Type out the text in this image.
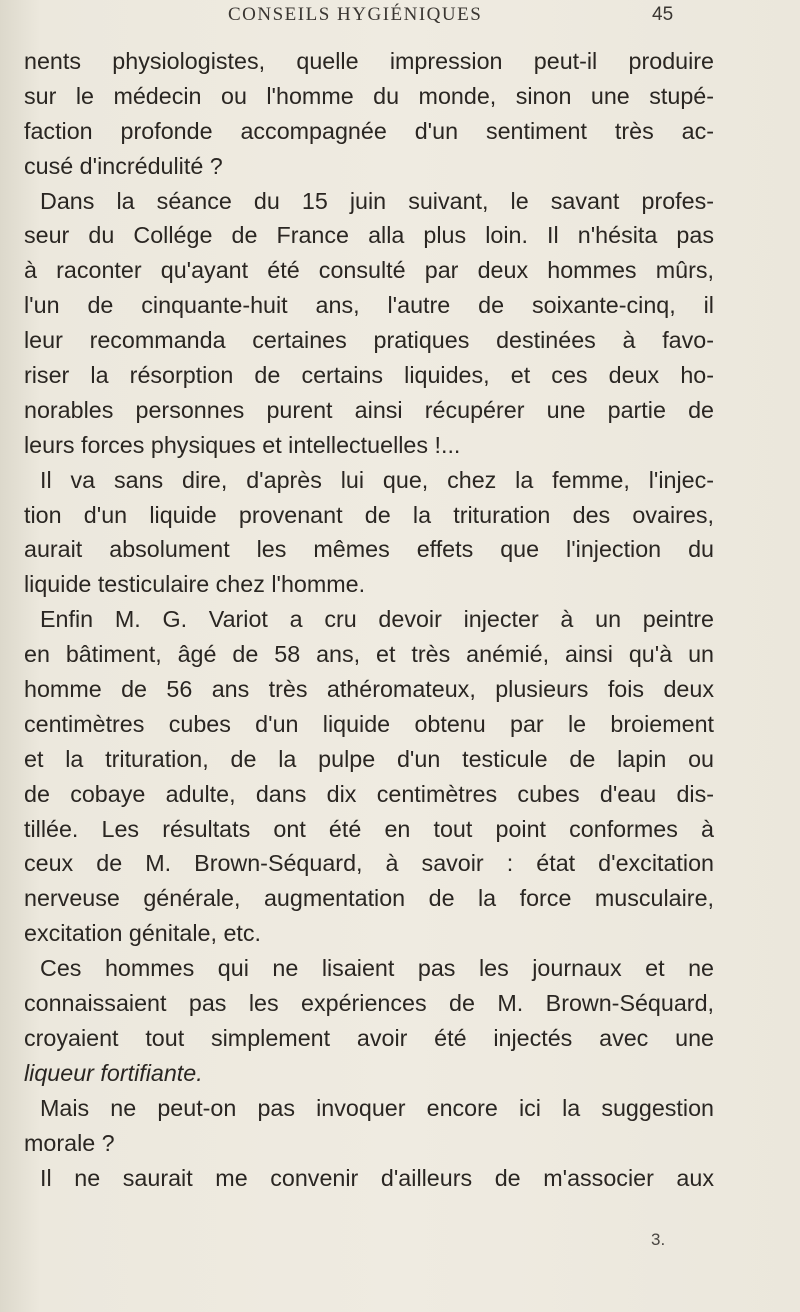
CONSEILS HYGIÉNIQUES	45
nents physiologistes, quelle impression peut-il produire
sur le médecin ou l'homme du monde, sinon une stupé-
faction profonde accompagnée d'un sentiment très ac-
cusé d'incrédulité ?
Dans la séance du 15 juin suivant, le savant profes-
seur du Collége de France alla plus loin. Il n'hésita pas
à raconter qu'ayant été consulté par deux hommes mûrs,
l'un de cinquante-huit ans, l'autre de soixante-cinq, il
leur recommanda certaines pratiques destinées à favo-
riser la résorption de certains liquides, et ces deux ho-
norables personnes purent ainsi récupérer une partie de
leurs forces physiques et intellectuelles !...
Il va sans dire, d'après lui que, chez la femme, l'injec-
tion d'un liquide provenant de la trituration des ovaires,
aurait absolument les mêmes effets que l'injection du
liquide testiculaire chez l'homme.
Enfin M. G. Variot a cru devoir injecter à un peintre
en bâtiment, âgé de 58 ans, et très anémié, ainsi qu'à un
homme de 56 ans très athéromateux, plusieurs fois deux
centimètres cubes d'un liquide obtenu par le broiement
et la trituration, de la pulpe d'un testicule de lapin ou
de cobaye adulte, dans dix centimètres cubes d'eau dis-
tillée. Les résultats ont été en tout point conformes à
ceux de M. Brown-Séquard, à savoir : état d'excitation
nerveuse générale, augmentation de la force musculaire,
excitation génitale, etc.
Ces hommes qui ne lisaient pas les journaux et ne
connaissaient pas les expériences de M. Brown-Séquard,
croyaient tout simplement avoir été injectés avec une
liqueur fortifiante.
Mais ne peut-on pas invoquer encore ici la suggestion
morale ?
Il ne saurait me convenir d'ailleurs de m'associer aux
3.
